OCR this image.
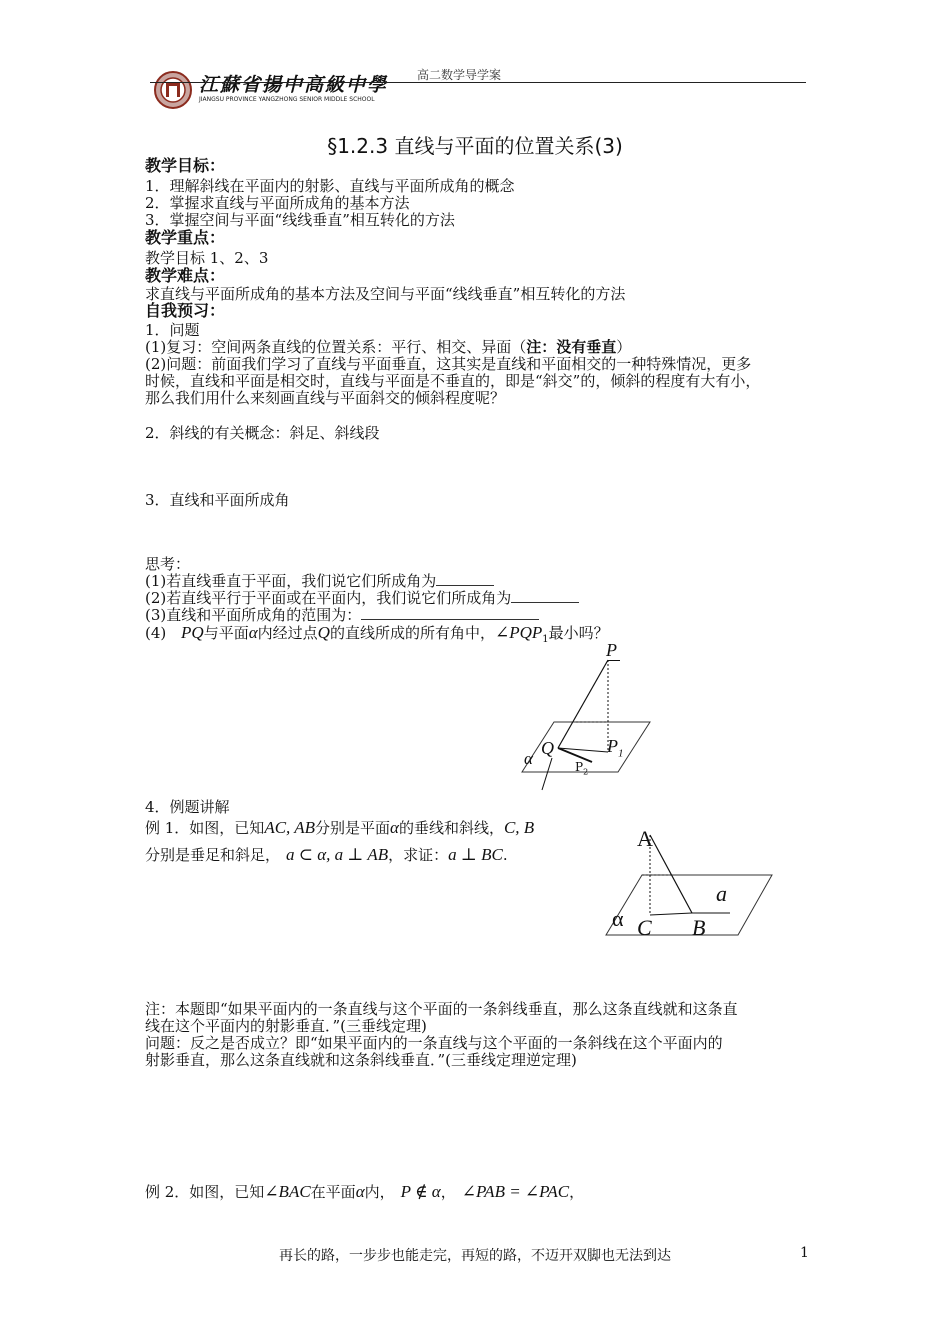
江蘇省揚中高級中學
JIANGSU PROVINCE YANGZHONG SENIOR MIDDLE SCHOOL
高二数学导学案
§1.2.3 直线与平面的位置关系(3)
教学目标：
1．理解斜线在平面内的射影、直线与平面所成角的概念
2．掌握求直线与平面所成角的基本方法
3．掌握空间与平面“线线垂直”相互转化的方法
教学重点：
教学目标 1、2、3
教学难点：
求直线与平面所成角的基本方法及空间与平面“线线垂直”相互转化的方法
自我预习：
1．问题
(1)复习：空间两条直线的位置关系：平行、相交、异面（注：没有垂直）
(2)问题：前面我们学习了直线与平面垂直，这其实是直线和平面相交的一种特殊情况，更多
时候，直线和平面是相交时，直线与平面是不垂直的，即是“斜交”的，倾斜的程度有大有小，
那么我们用什么来刻画直线与平面斜交的倾斜程度呢？
2．斜线的有关概念：斜足、斜线段
3．直线和平面所成角
思考：
(1)若直线垂直于平面，我们说它们所成角为
(2)若直线平行于平面或在平面内，我们说它们所成角为
(3)直线和平面所成角的范围为：
(4) PQ与平面α内经过点Q的直线所成的所有角中，$\angle PQP_1$最小吗？
P
Q	$P_1$
$P_2$
α
4．例题讲解
例 1．如图，已知AC, AB分别是平面α的垂线和斜线，C, B
分别是垂足和斜足， a ⊂ α, a ⊥ AB，求证：a ⊥ BC.
A
a
α C B
注：本题即“如果平面内的一条直线与这个平面的一条斜线垂直，那么这条直线就和这条直
线在这个平面内的射影垂直．”(三垂线定理)
问题：反之是否成立？即“如果平面内的一条直线与这个平面的一条斜线在这个平面内的
射影垂直，那么这条直线就和这条斜线垂直．”(三垂线定理逆定理)
例 2．如图，已知∠BAC在平面α内， P ∉ α， ∠PAB = ∠PAC，
再长的路，一步步也能走完，再短的路，不迈开双脚也无法到达	1
